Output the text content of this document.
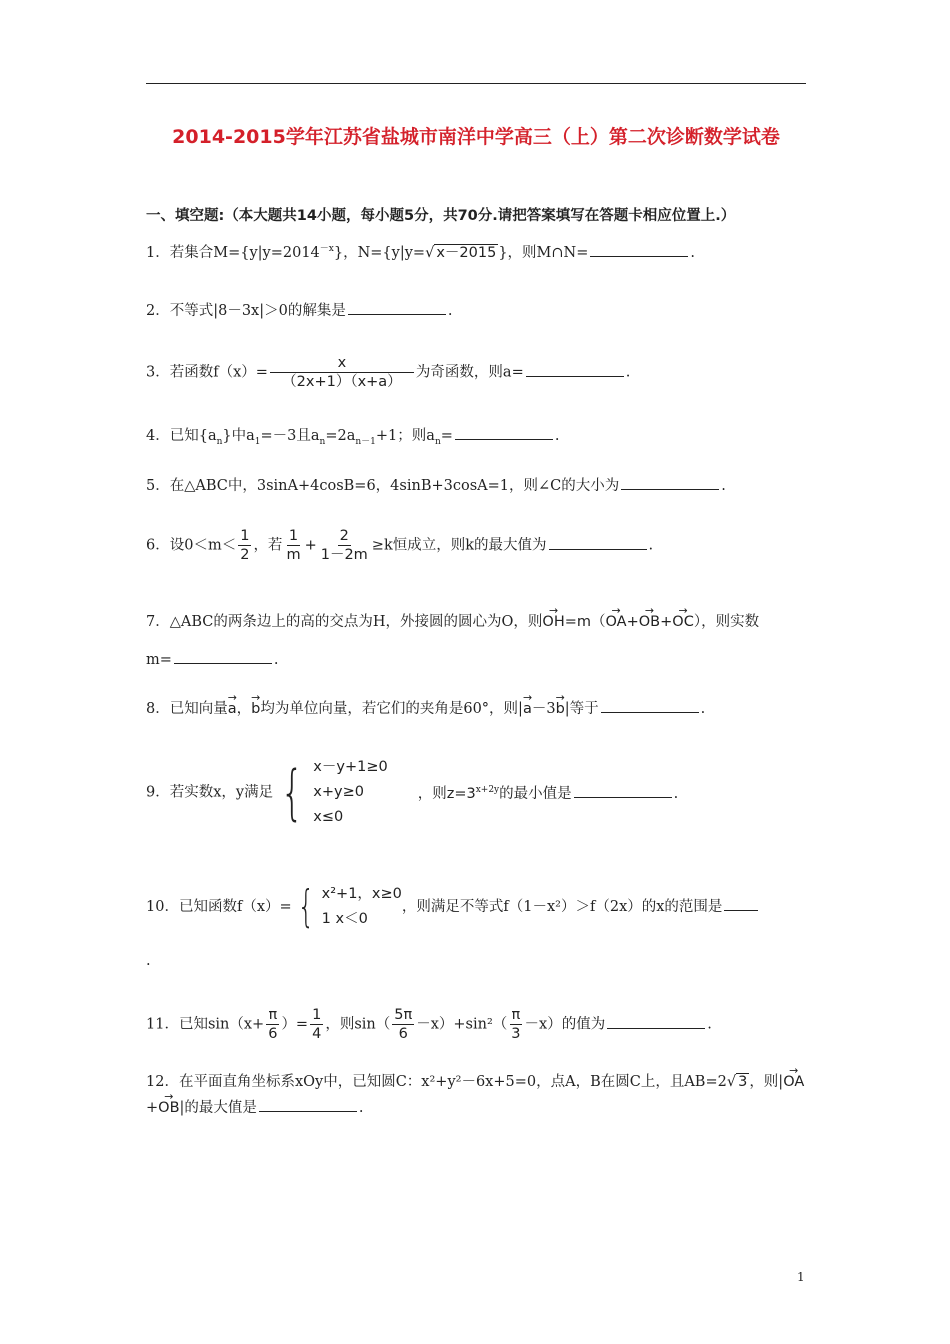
2014-2015学年江苏省盐城市南洋中学高三（上）第二次诊断数学试卷
一、填空题:（本大题共14小题，每小题5分，共70分.请把答案填写在答题卡相应位置上.）
1．若集合$M=\{y|y=2014^{-x}\}$，N={y|y=√ x－2015 }，则M∩N=	.
2．不等式|8－3x|＞0的解集是	.
3．若函数$f(x)= \frac{x}{(2x+1)(x+a)}$ 为奇函数，则a=	.
4．已知$\{a_n\}$中$a_1=-3$且$a_n=2a_{n-1}+1$；则$a_n=$	.
5．在△ABC中，3sinA+4cosB=6，4sinB+3cosA=1，则∠C的大小为	.
6．设$0<m< \frac{1}{2}$ ，若 $\frac{1}{m} + \frac{2}{1-2m} \ge k$恒成立，则k的最大值为	.
7．△ABC的两条边上的高的交点为H，外接圆的圆心为O，则→ OH=m（→ OA+→ OB+→ OC），则实数
m=	.
8．已知向量→ a，→ b均为单位向量，若它们的夹角是60°，则|→ a－3→ b|等于	.
9．若实数x，y满足 { x－y+1≥0
x+y≥0
x≤0
，则$z=3^{x+2y}$的最小值是	.
10．已知函数f（x）= { x²+1，x≥0
1 x＜0
，则满足不等式f（1－x²）＞f（2x）的x的范围是
.
11．已知$\sin(x+ \frac{\pi}{6}$ ）= $\frac{1}{4}$ ，则$\sin( \frac{5\pi}{6} -x)+\sin^2( \frac{\pi}{3} -x)$的值为	.
12．在平面直角坐标系xOy中，已知圆C：x²+y²－6x+5=0，点A，B在圆C上，且AB=2√ 3 ，则|→ OA
+→ OB|的最大值是	.
1
